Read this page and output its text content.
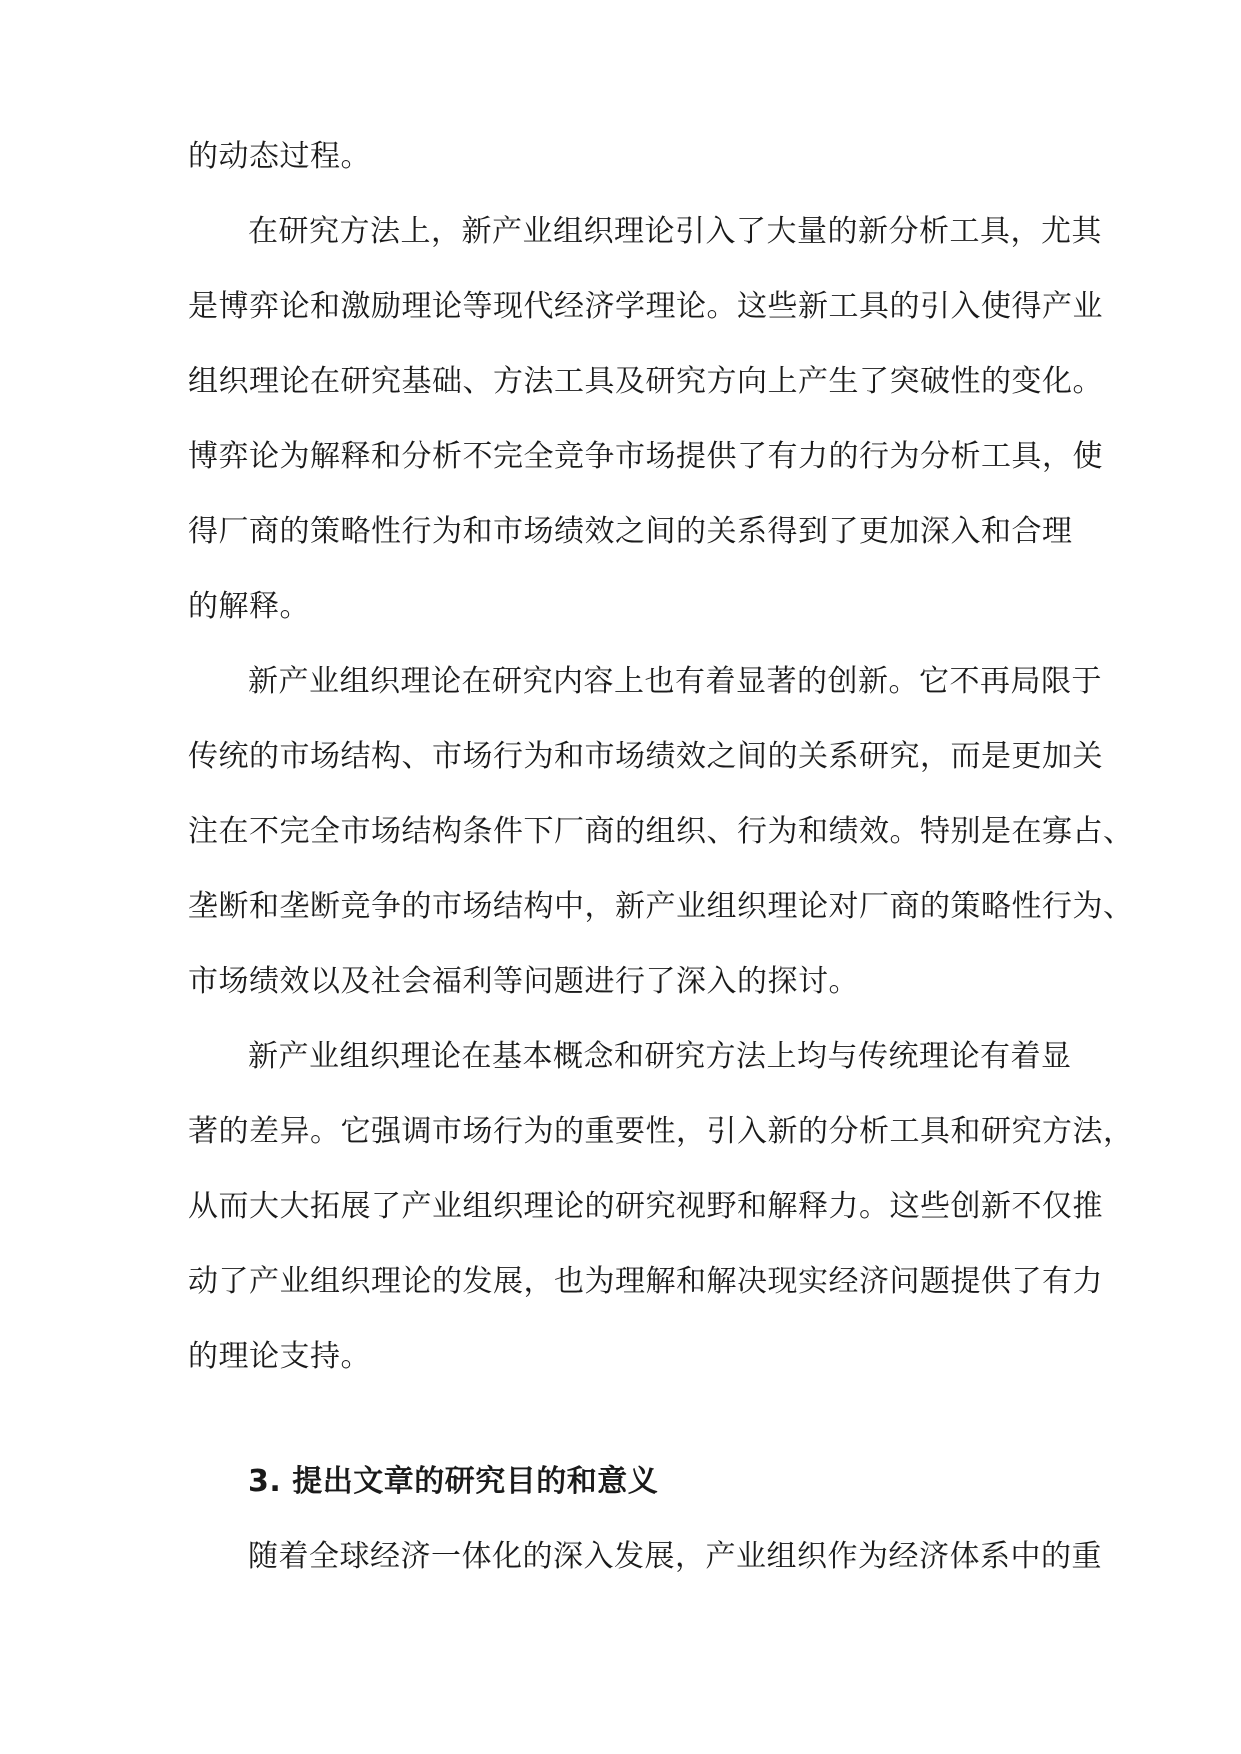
的动态过程。
在研究方法上，新产业组织理论引入了大量的新分析工具，尤其
是博弈论和激励理论等现代经济学理论。这些新工具的引入使得产业
组织理论在研究基础、方法工具及研究方向上产生了突破性的变化。
博弈论为解释和分析不完全竞争市场提供了有力的行为分析工具，使
得厂商的策略性行为和市场绩效之间的关系得到了更加深入和合理
的解释。
新产业组织理论在研究内容上也有着显著的创新。它不再局限于
传统的市场结构、市场行为和市场绩效之间的关系研究，而是更加关
注在不完全市场结构条件下厂商的组织、行为和绩效。特别是在寡占、
垄断和垄断竞争的市场结构中，新产业组织理论对厂商的策略性行为、
市场绩效以及社会福利等问题进行了深入的探讨。
新产业组织理论在基本概念和研究方法上均与传统理论有着显
著的差异。它强调市场行为的重要性，引入新的分析工具和研究方法，
从而大大拓展了产业组织理论的研究视野和解释力。这些创新不仅推
动了产业组织理论的发展，也为理解和解决现实经济问题提供了有力
的理论支持。
3. 提出文章的研究目的和意义
随着全球经济一体化的深入发展，产业组织作为经济体系中的重
